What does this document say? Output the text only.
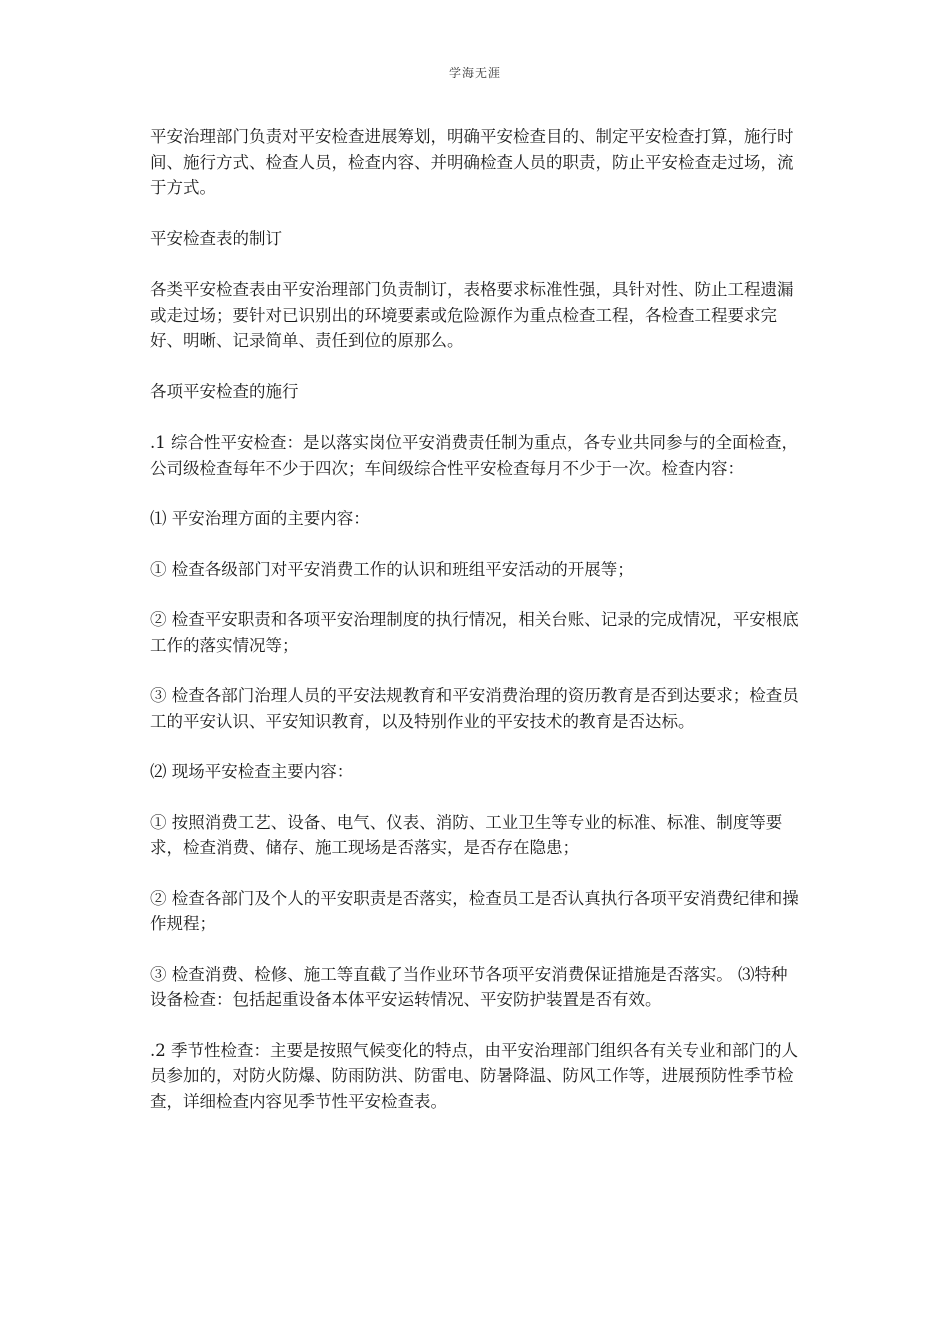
学海无涯

平安治理部门负责对平安检查进展筹划，明确平安检查目的、制定平安检查打算，施行时间、施行方式、检查人员，检查内容、并明确检查人员的职责，防止平安检查走过场，流于方式。

平安检查表的制订

各类平安检查表由平安治理部门负责制订，表格要求标准性强，具针对性、防止工程遗漏或走过场；要针对已识别出的环境要素或危险源作为重点检查工程，各检查工程要求完好、明晰、记录简单、责任到位的原那么。

各项平安检查的施行

.1 综合性平安检查：是以落实岗位平安消费责任制为重点，各专业共同参与的全面检查，公司级检查每年不少于四次；车间级综合性平安检查每月不少于一次。检查内容：

⑴ 平安治理方面的主要内容：

① 检查各级部门对平安消费工作的认识和班组平安活动的开展等；

② 检查平安职责和各项平安治理制度的执行情况，相关台账、记录的完成情况，平安根底工作的落实情况等；

③ 检查各部门治理人员的平安法规教育和平安消费治理的资历教育是否到达要求；检查员工的平安认识、平安知识教育，以及特别作业的平安技术的教育是否达标。

⑵ 现场平安检查主要内容：

① 按照消费工艺、设备、电气、仪表、消防、工业卫生等专业的标准、标准、制度等要求，检查消费、储存、施工现场是否落实，是否存在隐患；

② 检查各部门及个人的平安职责是否落实，检查员工是否认真执行各项平安消费纪律和操作规程；

③ 检查消费、检修、施工等直截了当作业环节各项平安消费保证措施是否落实。 ⑶特种设备检查：包括起重设备本体平安运转情况、平安防护装置是否有效。

.2 季节性检查：主要是按照气候变化的特点，由平安治理部门组织各有关专业和部门的人员参加的，对防火防爆、防雨防洪、防雷电、防暑降温、防风工作等，进展预防性季节检查，详细检查内容见季节性平安检查表。
